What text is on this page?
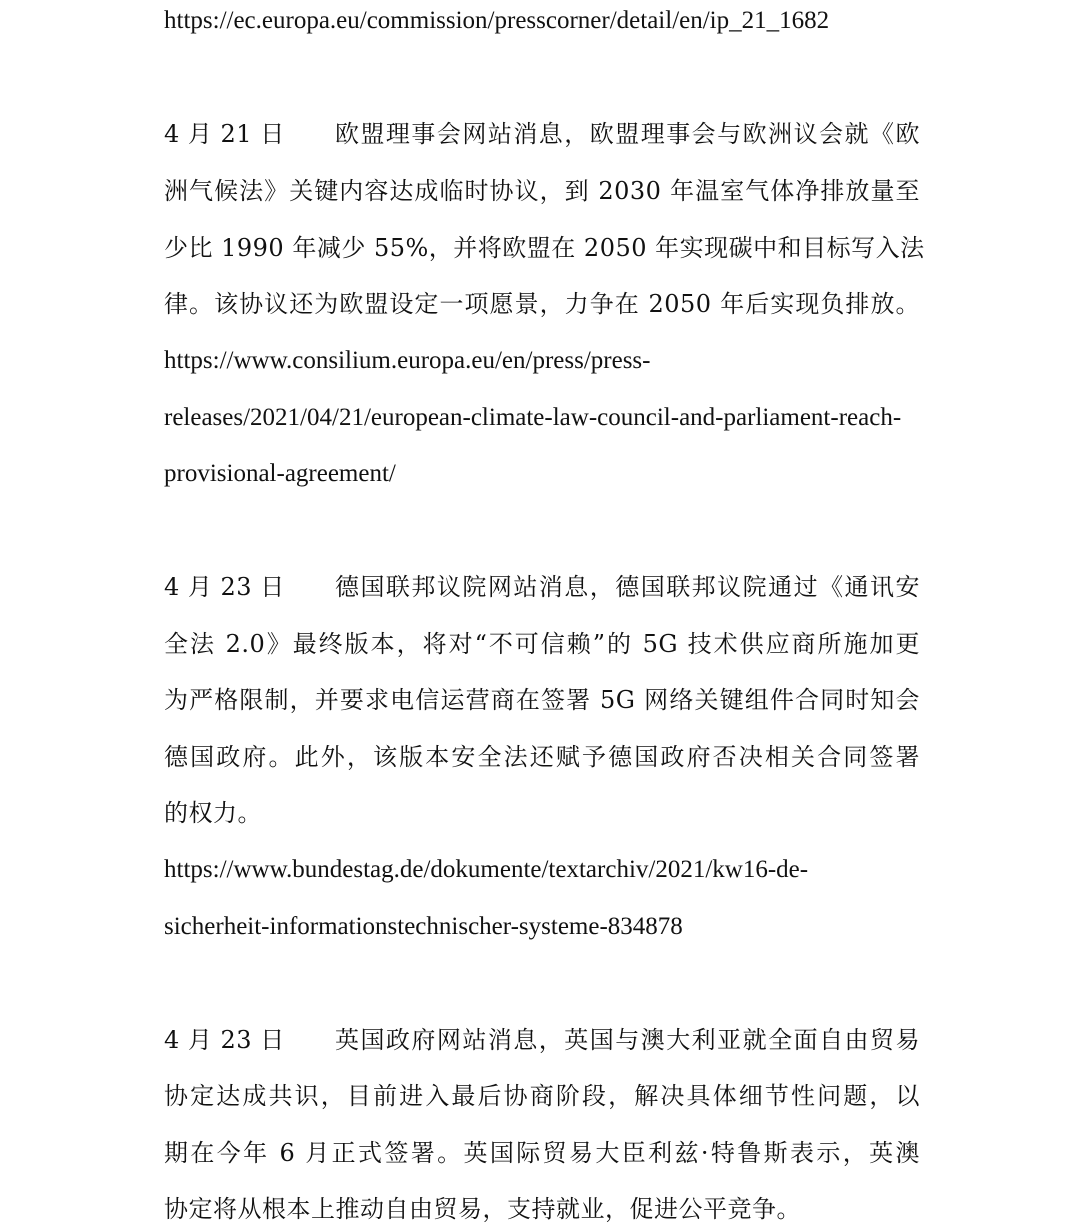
https://ec.europa.eu/commission/presscorner/detail/en/ip_21_1682
4 月 21 日 欧盟理事会网站消息，欧盟理事会与欧洲议会就《欧
洲气候法》关键内容达成临时协议，到 2030 年温室气体净排放量至
少比 1990 年减少 55%，并将欧盟在 2050 年实现碳中和目标写入法
律。该协议还为欧盟设定一项愿景，力争在 2050 年后实现负排放。
https://www.consilium.europa.eu/en/press/press-
releases/2021/04/21/european-climate-law-council-and-parliament-reach-
provisional-agreement/
4 月 23 日 德国联邦议院网站消息，德国联邦议院通过《通讯安
全法 2.0》最终版本，将对“不可信赖”的 5G 技术供应商所施加更
为严格限制，并要求电信运营商在签署 5G 网络关键组件合同时知会
德国政府。此外，该版本安全法还赋予德国政府否决相关合同签署
的权力。
https://www.bundestag.de/dokumente/textarchiv/2021/kw16-de-
sicherheit-informationstechnischer-systeme-834878
4 月 23 日 英国政府网站消息，英国与澳大利亚就全面自由贸易
协定达成共识，目前进入最后协商阶段，解决具体细节性问题，以
期在今年 6 月正式签署。英国际贸易大臣利兹·特鲁斯表示，英澳
协定将从根本上推动自由贸易，支持就业，促进公平竞争。
